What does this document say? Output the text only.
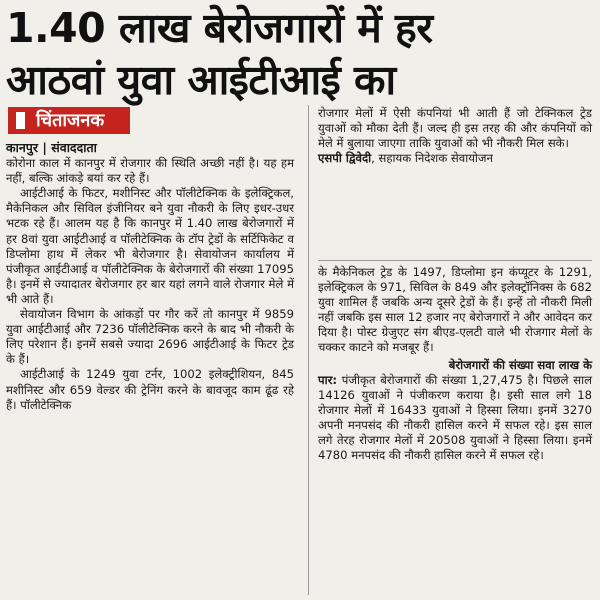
1.40 लाख बेरोजगारों में हर
आठवां युवा आईटीआई का
चिंताजनक

कानपुर | संवाददाता

कोरोना काल में कानपुर में रोजगार की स्थिति अच्छी नहीं है। यह हम नहीं, बल्कि आंकड़े बयां कर रहे हैं।

आईटीआई के फिटर, मशीनिस्ट और पॉलीटेक्निक के इलेक्ट्रिकल, मैकेनिकल और सिविल इंजीनियर बने युवा नौकरी के लिए इधर-उधर भटक रहे हैं। आलम यह है कि कानपुर में 1.40 लाख बेरोजगारों में हर 8वां युवा आईटीआई व पॉलीटेक्निक के टॉप ट्रेडों के सर्टिफिकेट व डिप्लोमा हाथ में लेकर भी बेरोजगार है। सेवायोजन कार्यालय में पंजीकृत आईटीआई व पॉलीटेक्निक के बेरोजगारों की संख्या 17095 है। इनमें से ज्यादातर बेरोजगार हर बार यहां लगने वाले रोजगार मेले में भी आते हैं।

सेवायोजन विभाग के आंकड़ों पर गौर करें तो कानपुर में 9859 युवा आईटीआई और 7236 पॉलीटेक्निक करने के बाद भी नौकरी के लिए परेशान हैं। इनमें सबसे ज्यादा 2696 आईटीआई के फिटर ट्रेड के हैं।

आईटीआई के 1249 युवा टर्नर, 1002 इलेक्ट्रीशियन, 845 मशीनिस्ट और 659 वेल्डर की ट्रेनिंग करने के बावजूद काम ढूंढ रहे हैं। पॉलीटेक्निक

रोजगार मेलों में ऐसी कंपनियां भी आती हैं जो टेक्निकल ट्रेड युवाओं को मौका देती हैं। जल्द ही इस तरह की और कंपनियों को मेले में बुलाया जाएगा ताकि युवाओं को भी नौकरी मिल सके।

एसपी द्विवेदी, सहायक निदेशक सेवायोजन

के मैकेनिकल ट्रेड के 1497, डिप्लोमा इन कंप्यूटर के 1291, इलेक्ट्रिकल के 971, सिविल के 849 और इलेक्ट्रॉनिक्स के 682 युवा शामिल हैं जबकि अन्य दूसरे ट्रेडों के हैं। इन्हें तो नौकरी मिली नहीं जबकि इस साल 12 हजार नए बेरोजगारों ने और आवेदन कर दिया है। पोस्ट ग्रेजुएट संग बीएड-एलटी वाले भी रोजगार मेलों के चक्कर काटने को मजबूर हैं।

बेरोजगारों की संख्या सवा लाख के

पार: पंजीकृत बेरोजगारों की संख्या 1,27,475 है। पिछले साल 14126 युवाओं ने पंजीकरण कराया है। इसी साल लगे 18 रोजगार मेलों में 16433 युवाओं ने हिस्सा लिया। इनमें 3270 अपनी मनपसंद की नौकरी हासिल करने में सफल रहे। इस साल लगे तेरह रोजगार मेलों में 20508 युवाओं ने हिस्सा लिया। इनमें 4780 मनपसंद की नौकरी हासिल करने में सफल रहे।
